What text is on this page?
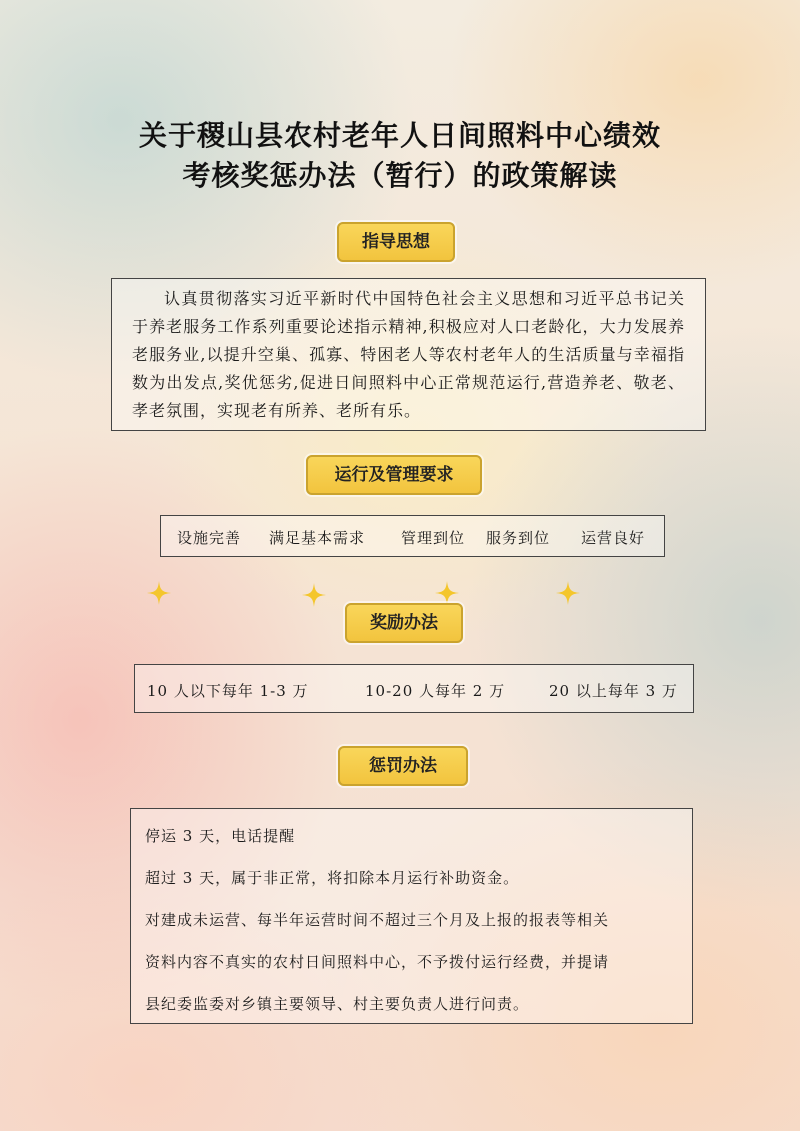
关于稷山县农村老年人日间照料中心绩效
考核奖惩办法（暂行）的政策解读
指导思想
认真贯彻落实习近平新时代中国特色社会主义思想和习近平总书记关于养老服务工作系列重要论述指示精神,积极应对人口老龄化，大力发展养老服务业,以提升空巢、孤寡、特困老人等农村老年人的生活质量与幸福指数为出发点,奖优惩劣,促进日间照料中心正常规范运行,营造养老、敬老、孝老氛围，实现老有所养、老所有乐。
运行及管理要求
设施完善 满足基本需求 管理到位 服务到位 运营良好
奖励办法
10 人以下每年 1-3 万	10-20 人每年 2 万	20 以上每年 3 万
惩罚办法
停运 3 天，电话提醒
超过 3 天，属于非正常，将扣除本月运行补助资金。
对建成未运营、每半年运营时间不超过三个月及上报的报表等相关
资料内容不真实的农村日间照料中心，不予拨付运行经费，并提请
县纪委监委对乡镇主要领导、村主要负责人进行问责。
